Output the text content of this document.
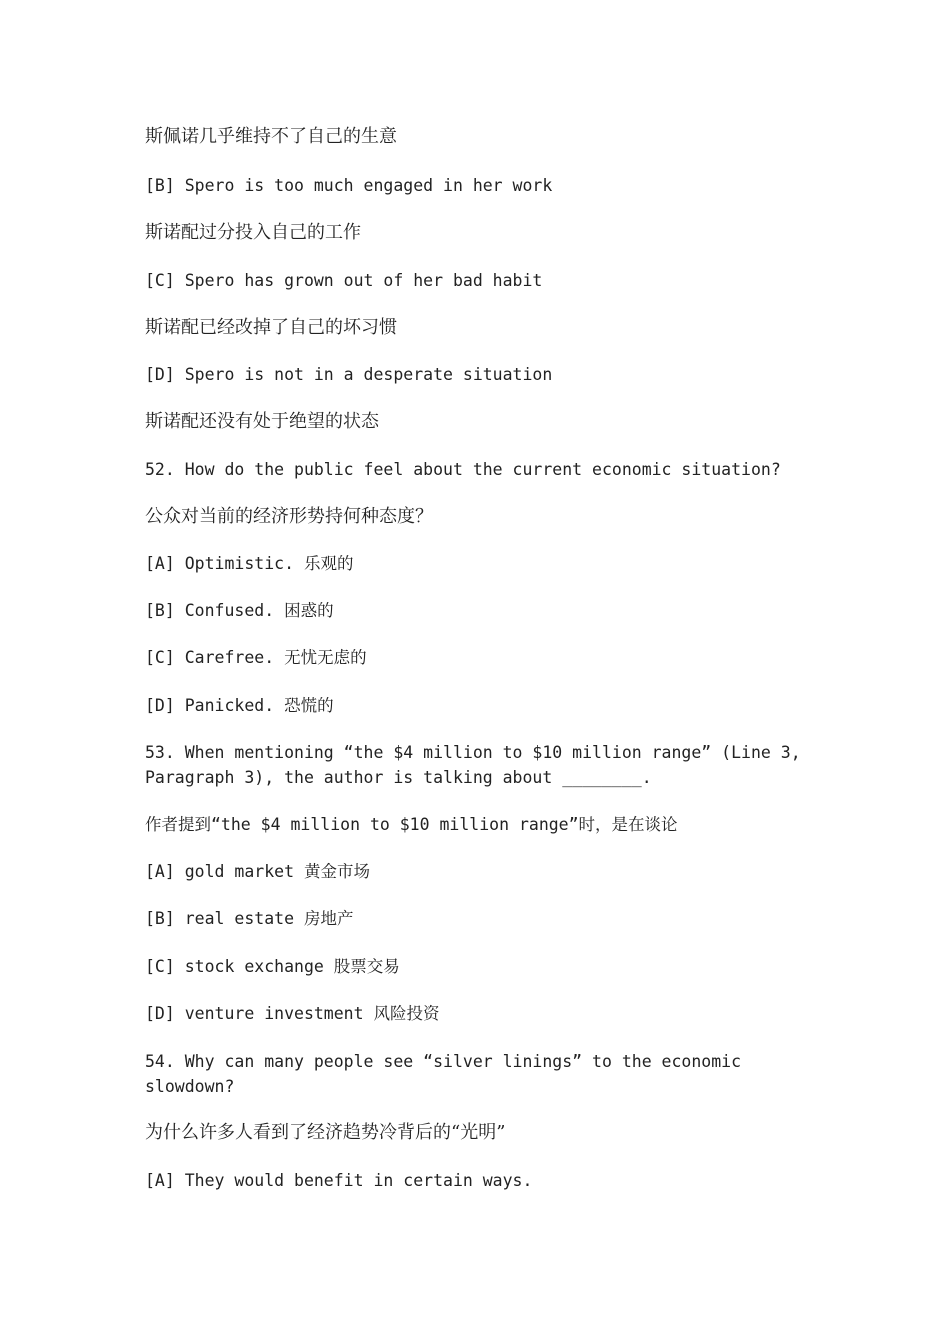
斯佩诺几乎维持不了自己的生意
[B] Spero is too much engaged in her work
斯诺配过分投入自己的工作
[C] Spero has grown out of her bad habit
斯诺配已经改掉了自己的坏习惯
[D] Spero is not in a desperate situation
斯诺配还没有处于绝望的状态
52. How do the public feel about the current economic situation?
公众对当前的经济形势持何种态度？
[A] Optimistic. 乐观的
[B] Confused. 困惑的
[C] Carefree. 无忧无虑的
[D] Panicked. 恐慌的
53. When mentioning “the $4 million to $10 million range” (Line 3, Paragraph 3), the author is talking about ________.
作者提到“the $4 million to $10 million range”时，是在谈论
[A] gold market 黄金市场
[B] real estate 房地产
[C] stock exchange 股票交易
[D] venture investment 风险投资
54. Why can many people see “silver linings” to the economic slowdown?
为什么许多人看到了经济趋势冷背后的“光明”
[A] They would benefit in certain ways.
